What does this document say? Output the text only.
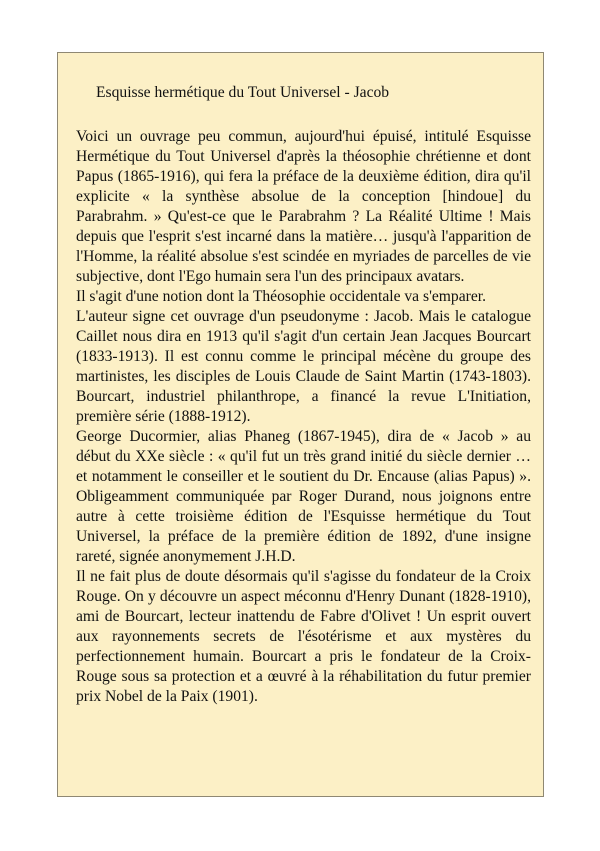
Esquisse hermétique du Tout Universel - Jacob

Voici un ouvrage peu commun, aujourd'hui épuisé, intitulé Esquisse Hermétique du Tout Universel d'après la théosophie chrétienne et dont Papus (1865-1916), qui fera la préface de la deuxième édition, dira qu'il explicite « la synthèse absolue de la conception [hindoue] du Parabrahm. » Qu'est-ce que le Parabrahm ? La Réalité Ultime ! Mais depuis que l'esprit s'est incarné dans la matière… jusqu'à l'apparition de l'Homme, la réalité absolue s'est scindée en myriades de parcelles de vie subjective, dont l'Ego humain sera l'un des principaux avatars.

Il s'agit d'une notion dont la Théosophie occidentale va s'emparer.

L'auteur signe cet ouvrage d'un pseudonyme : Jacob. Mais le catalogue Caillet nous dira en 1913 qu'il s'agit d'un certain Jean Jacques Bourcart (1833-1913). Il est connu comme le principal mécène du groupe des martinistes, les disciples de Louis Claude de Saint Martin (1743-1803). Bourcart, industriel philanthrope, a financé la revue L'Initiation, première série (1888-1912).

George Ducormier, alias Phaneg (1867-1945), dira de « Jacob » au début du XXe siècle : « qu'il fut un très grand initié du siècle dernier … et notamment le conseiller et le soutient du Dr. Encause (alias Papus) ». Obligeamment communiquée par Roger Durand, nous joignons entre autre à cette troisième édition de l'Esquisse hermétique du Tout Universel, la préface de la première édition de 1892, d'une insigne rareté, signée anonymement J.H.D.

Il ne fait plus de doute désormais qu'il s'agisse du fondateur de la Croix Rouge. On y découvre un aspect méconnu d'Henry Dunant (1828-1910), ami de Bourcart, lecteur inattendu de Fabre d'Olivet ! Un esprit ouvert aux rayonnements secrets de l'ésotérisme et aux mystères du perfectionnement humain. Bourcart a pris le fondateur de la Croix-Rouge sous sa protection et a œuvré à la réhabilitation du futur premier prix Nobel de la Paix (1901).
